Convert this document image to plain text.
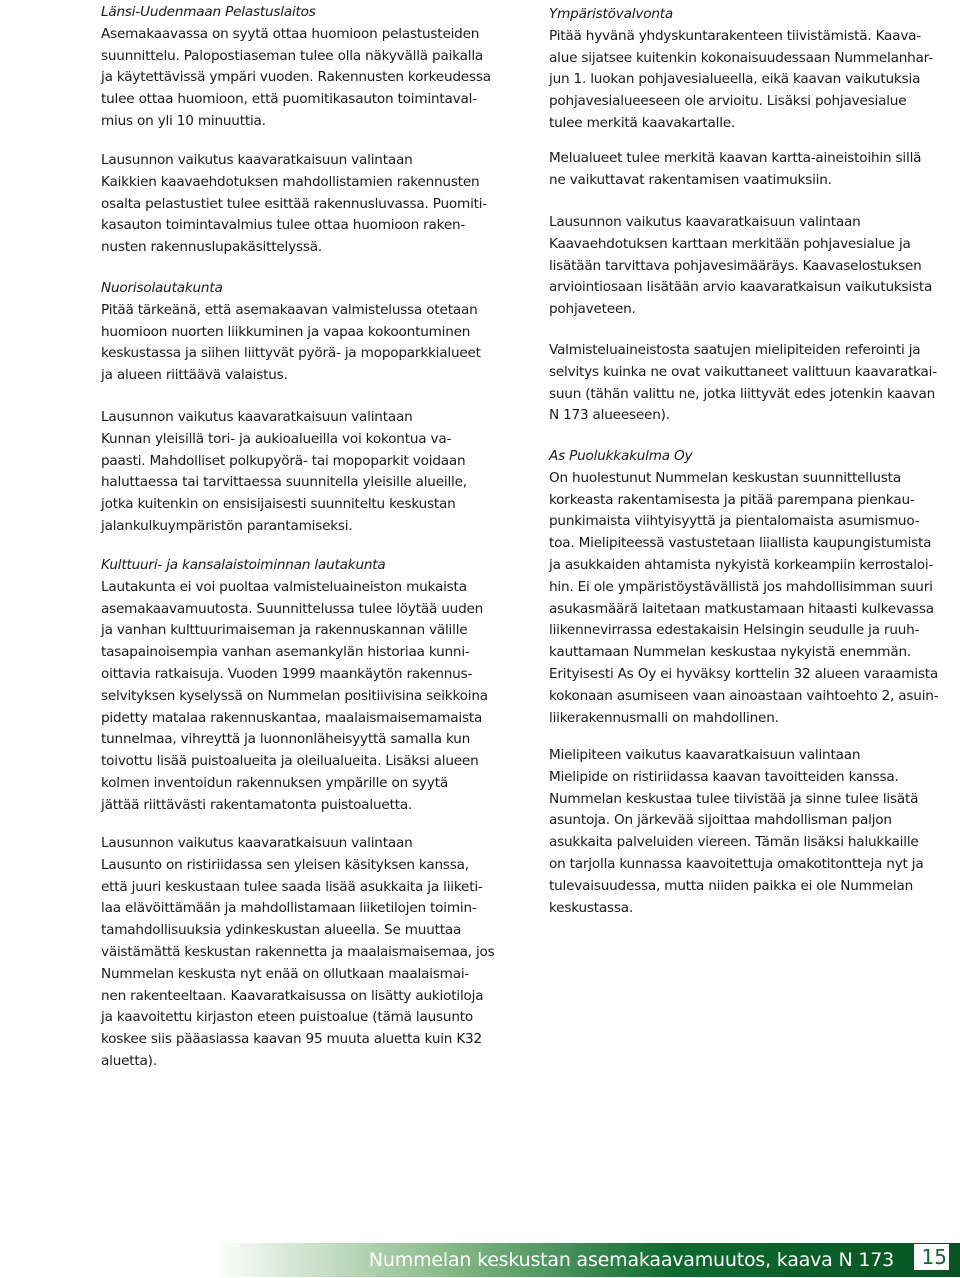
Länsi-Uudenmaan Pelastuslaitos

Asemakaavassa on syytä ottaa huomioon pelastusteiden

suunnittelu. Palopostiaseman tulee olla näkyvällä paikalla

ja käytettävissä ympäri vuoden. Rakennusten korkeudessa

tulee ottaa huomioon, että puomitikasauton toimintaval-

mius on yli 10 minuuttia.

Lausunnon vaikutus kaavaratkaisuun valintaan

Kaikkien kaavaehdotuksen mahdollistamien rakennusten

osalta pelastustiet tulee esittää rakennusluvassa. Puomiti-

kasauton toimintavalmius tulee ottaa huomioon raken-

nusten rakennuslupakäsittelyssä.

Nuorisolautakunta

Pitää tärkeänä, että asemakaavan valmistelussa otetaan

huomioon nuorten liikkuminen ja vapaa kokoontuminen

keskustassa ja siihen liittyvät pyörä- ja mopoparkkialueet

ja alueen riittäävä valaistus.

Lausunnon vaikutus kaavaratkaisuun valintaan

Kunnan yleisillä tori- ja aukioalueilla voi kokontua va-

paasti. Mahdolliset polkupyörä- tai mopoparkit voidaan

haluttaessa tai tarvittaessa suunnitella yleisille alueille,

jotka kuitenkin on ensisijaisesti suunniteltu keskustan

jalankulkuympäristön parantamiseksi.

Kulttuuri- ja kansalaistoiminnan lautakunta

Lautakunta ei voi puoltaa valmisteluaineiston mukaista

asemakaavamuutosta. Suunnittelussa tulee löytää uuden

ja vanhan kulttuurimaiseman ja rakennuskannan välille

tasapainoisempia vanhan asemankylän historiaa kunni-

oittavia ratkaisuja. Vuoden 1999 maankäytön rakennus-

selvityksen kyselyssä on Nummelan positiivisina seikkoina

pidetty matalaa rakennuskantaa, maalaismaisemamaista

tunnelmaa, vihreyttä ja luonnonläheisyyttä samalla kun

toivottu lisää puistoalueita ja oleilualueita. Lisäksi alueen

kolmen inventoidun rakennuksen ympärille on syytä

jättää riittävästi rakentamatonta puistoaluetta.

Lausunnon vaikutus kaavaratkaisuun valintaan

Lausunto on ristiriidassa sen yleisen käsityksen kanssa,

että juuri keskustaan tulee saada lisää asukkaita ja liiketi-

laa elävöittämään ja mahdollistamaan liiketilojen toimin-

tamahdollisuuksia ydinkeskustan alueella. Se muuttaa

väistämättä keskustan rakennetta ja maalaismaisemaa, jos

Nummelan keskusta nyt enää on ollutkaan maalaismai-

nen rakenteeltaan. Kaavaratkaisussa on lisätty aukiotiloja

ja kaavoitettu kirjaston eteen puistoalue (tämä lausunto

koskee siis pääasiassa kaavan 95 muuta aluetta kuin K32

aluetta).

Ympäristövalvonta

Pitää hyvänä yhdyskuntarakenteen tiivistämistä. Kaava-

alue sijatsee kuitenkin kokonaisuudessaan Nummelanhar-

jun 1. luokan pohjavesialueella, eikä kaavan vaikutuksia

pohjavesialueeseen ole arvioitu. Lisäksi pohjavesialue

tulee merkitä kaavakartalle.

Melualueet tulee merkitä kaavan kartta-aineistoihin sillä

ne vaikuttavat rakentamisen vaatimuksiin.

Lausunnon vaikutus kaavaratkaisuun valintaan

Kaavaehdotuksen karttaan merkitään pohjavesialue ja

lisätään tarvittava pohjavesimääräys. Kaavaselostuksen

arviointiosaan lisätään arvio kaavaratkaisun vaikutuksista

pohjaveteen.

Valmisteluaineistosta saatujen mielipiteiden referointi ja

selvitys kuinka ne ovat vaikuttaneet valittuun kaavaratkai-

suun (tähän valittu ne, jotka liittyvät edes jotenkin kaavan

N 173 alueeseen).

As Puolukkakulma Oy

On huolestunut Nummelan keskustan suunnittellusta

korkeasta rakentamisesta ja pitää parempana pienkau-

punkimaista viihtyisyyttä ja pientalomaista asumismuo-

toa. Mielipiteessä vastustetaan liiallista kaupungistumista

ja asukkaiden ahtamista nykyistä korkeampiin kerrostaloi-

hin. Ei ole ympäristöystävällistä jos mahdollisimman suuri

asukasmäärä laitetaan matkustamaan hitaasti kulkevassa

liikennevirrassa edestakaisin Helsingin seudulle ja ruuh-

kauttamaan Nummelan keskustaa nykyistä enemmän.

Erityisesti As Oy ei hyväksy korttelin 32 alueen varaamista

kokonaan asumiseen vaan ainoastaan vaihtoehto 2, asuin-

liikerakennusmalli on mahdollinen.

Mielipiteen vaikutus kaavaratkaisuun valintaan

Mielipide on ristiriidassa kaavan tavoitteiden kanssa.

Nummelan keskustaa tulee tiivistää ja sinne tulee lisätä

asuntoja. On järkevää sijoittaa mahdollisman paljon

asukkaita palveluiden viereen. Tämän lisäksi halukkaille

on tarjolla kunnassa kaavoitettuja omakotitontteja nyt ja

tulevaisuudessa, mutta niiden paikka ei ole Nummelan

keskustassa.

Nummelan keskustan asemakaavamuutos, kaava N 173	15
